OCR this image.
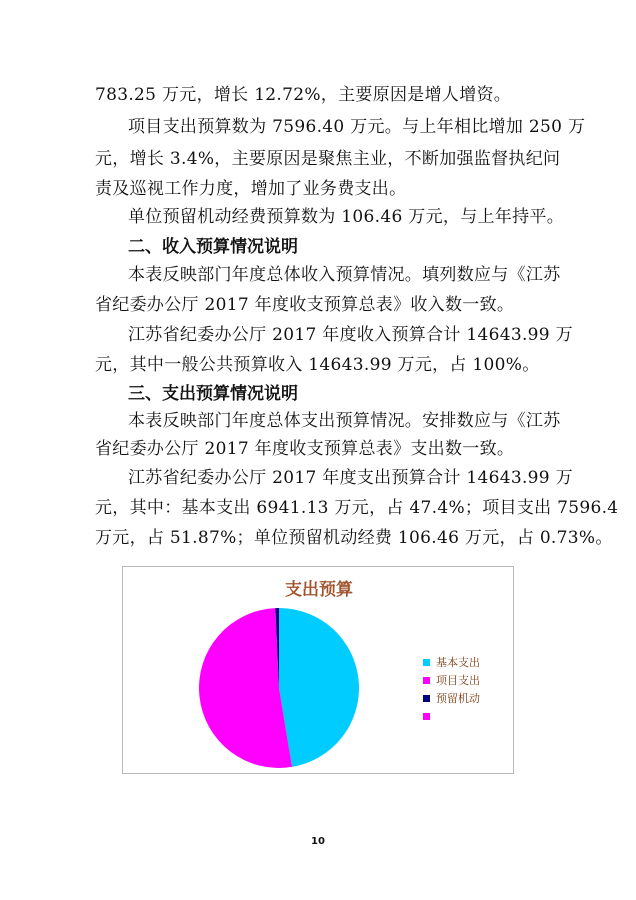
783.25 万元，增长 12.72%，主要原因是增人增资。
项目支出预算数为 7596.40 万元。与上年相比增加 250 万
元，增长 3.4%，主要原因是聚焦主业，不断加强监督执纪问
责及巡视工作力度，增加了业务费支出。
单位预留机动经费预算数为 106.46 万元，与上年持平。
二、收入预算情况说明
本表反映部门年度总体收入预算情况。填列数应与《江苏
省纪委办公厅 2017 年度收支预算总表》收入数一致。
江苏省纪委办公厅 2017 年度收入预算合计 14643.99 万
元，其中一般公共预算收入 14643.99 万元，占 100%。
三、支出预算情况说明
本表反映部门年度总体支出预算情况。安排数应与《江苏
省纪委办公厅 2017 年度收支预算总表》支出数一致。
江苏省纪委办公厅 2017 年度支出预算合计 14643.99 万
元，其中：基本支出 6941.13 万元，占 47.4%；项目支出 7596.4
万元，占 51.87%；单位预留机动经费 106.46 万元，占 0.73%。
支出预算
基本支出
项目支出
预留机动
10
